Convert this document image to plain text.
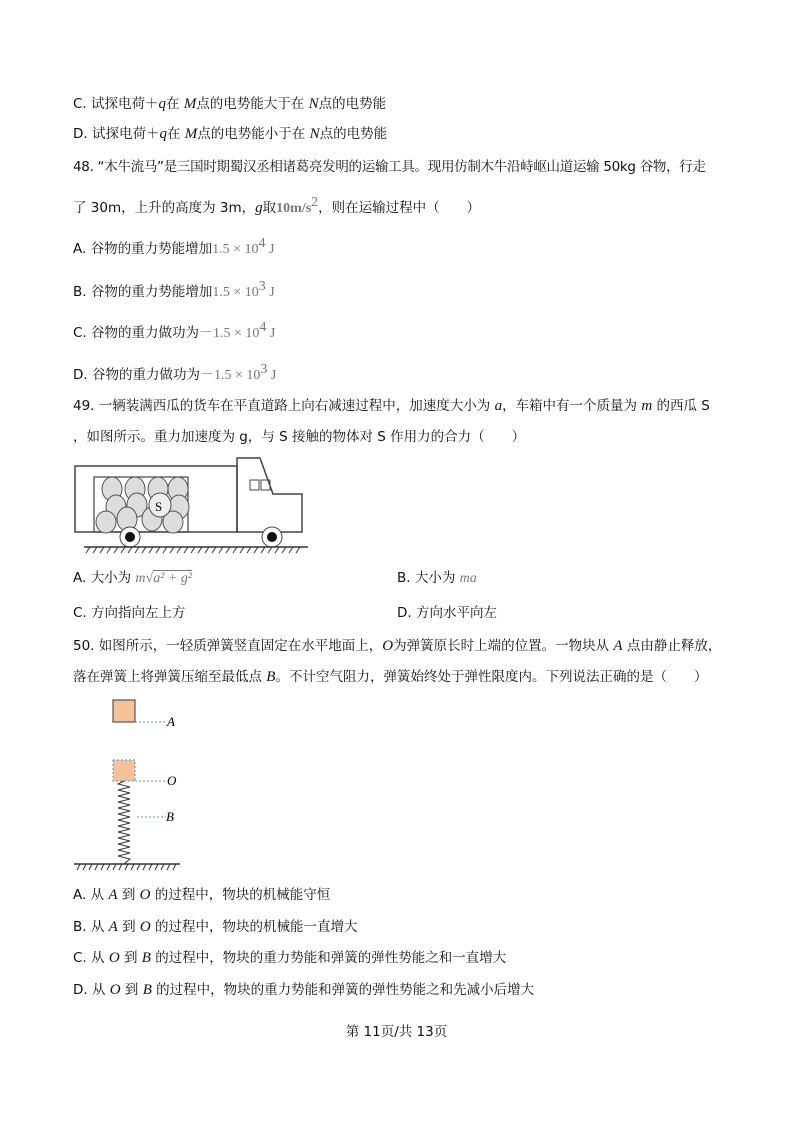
C. 试探电荷＋q在 M点的电势能大于在 N点的电势能
D. 试探电荷＋q在 M点的电势能小于在 N点的电势能
48. “木牛流马”是三国时期蜀汉丞相诸葛亮发明的运输工具。现用仿制木牛沿峙岖山道运输 50kg 谷物，行走
了 30m，上升的高度为 3m，g取$10m/s^2$，则在运输过程中（　　）
A. 谷物的重力势能增加$1.5 \times 10^4$ J
B. 谷物的重力势能增加$1.5 \times 10^3$ J
C. 谷物的重力做功为$-1.5 \times 10^4$ J
D. 谷物的重力做功为$-1.5 \times 10^3$ J
49. 一辆装满西瓜的货车在平直道路上向右减速过程中，加速度大小为 a，车箱中有一个质量为 m 的西瓜 S
，如图所示。重力加速度为 g，与 S 接触的物体对 S 作用力的合力（　　）
S
A. 大小为 m√a² + g²	B. 大小为 ma
C. 方向指向左上方	D. 方向水平向左
50. 如图所示，一轻质弹簧竖直固定在水平地面上，O为弹簧原长时上端的位置。一物块从 A 点由静止释放，
落在弹簧上将弹簧压缩至最低点 B。不计空气阻力，弹簧始终处于弹性限度内。下列说法正确的是（　　）
A
O
B
A. 从 A 到 O 的过程中，物块的机械能守恒
B. 从 A 到 O 的过程中，物块的机械能一直增大
C. 从 O 到 B 的过程中，物块的重力势能和弹簧的弹性势能之和一直增大
D. 从 O 到 B 的过程中，物块的重力势能和弹簧的弹性势能之和先减小后增大
第 11页/共 13页
